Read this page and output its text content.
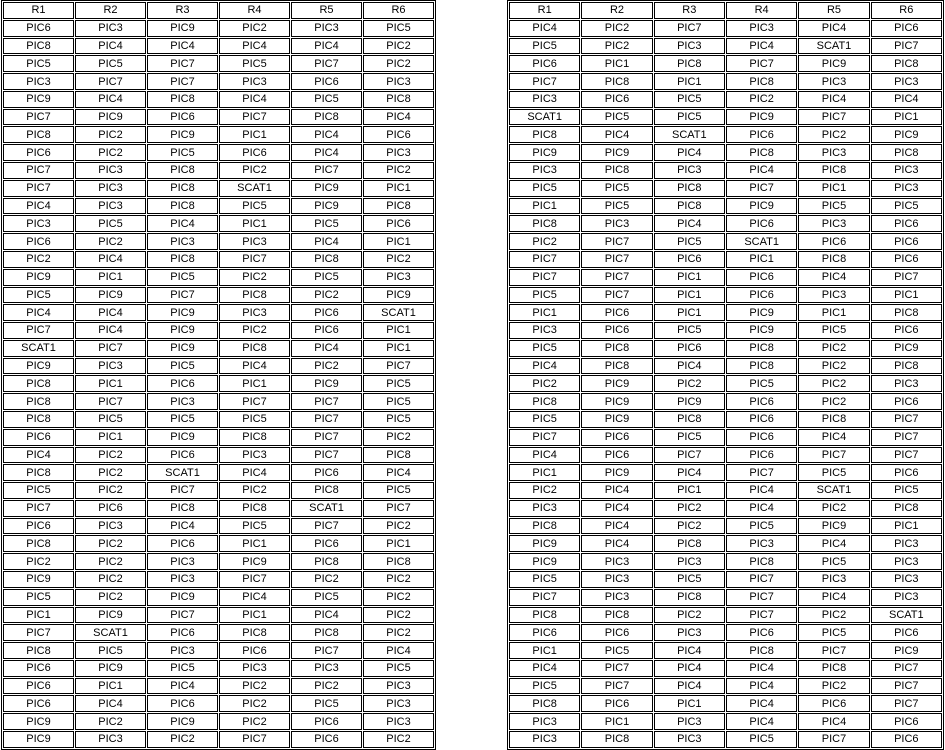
R1	R2	R3	R4	R5	R6
PIC6	PIC3	PIC9	PIC2	PIC3	PIC5
PIC8	PIC4	PIC4	PIC4	PIC4	PIC2
PIC5	PIC5	PIC7	PIC5	PIC7	PIC2
PIC3	PIC7	PIC7	PIC3	PIC6	PIC3
PIC9	PIC4	PIC8	PIC4	PIC5	PIC8
PIC7	PIC9	PIC6	PIC7	PIC8	PIC4
PIC8	PIC2	PIC9	PIC1	PIC4	PIC6
PIC6	PIC2	PIC5	PIC6	PIC4	PIC3
PIC7	PIC3	PIC8	PIC2	PIC7	PIC2
PIC7	PIC3	PIC8	SCAT1	PIC9	PIC1
PIC4	PIC3	PIC8	PIC5	PIC9	PIC8
PIC3	PIC5	PIC4	PIC1	PIC5	PIC6
PIC6	PIC2	PIC3	PIC3	PIC4	PIC1
PIC2	PIC4	PIC8	PIC7	PIC8	PIC2
PIC9	PIC1	PIC5	PIC2	PIC5	PIC3
PIC5	PIC9	PIC7	PIC8	PIC2	PIC9
PIC4	PIC4	PIC9	PIC3	PIC6	SCAT1
PIC7	PIC4	PIC9	PIC2	PIC6	PIC1
SCAT1	PIC7	PIC9	PIC8	PIC4	PIC1
PIC9	PIC3	PIC5	PIC4	PIC2	PIC7
PIC8	PIC1	PIC6	PIC1	PIC9	PIC5
PIC8	PIC7	PIC3	PIC7	PIC7	PIC5
PIC8	PIC5	PIC5	PIC5	PIC7	PIC5
PIC6	PIC1	PIC9	PIC8	PIC7	PIC2
PIC4	PIC2	PIC6	PIC3	PIC7	PIC8
PIC8	PIC2	SCAT1	PIC4	PIC6	PIC4
PIC5	PIC2	PIC7	PIC2	PIC8	PIC5
PIC7	PIC6	PIC8	PIC8	SCAT1	PIC7
PIC6	PIC3	PIC4	PIC5	PIC7	PIC2
PIC8	PIC2	PIC6	PIC1	PIC6	PIC1
PIC2	PIC2	PIC3	PIC9	PIC8	PIC8
PIC9	PIC2	PIC3	PIC7	PIC2	PIC2
PIC5	PIC2	PIC9	PIC4	PIC5	PIC2
PIC1	PIC9	PIC7	PIC1	PIC4	PIC2
PIC7	SCAT1	PIC6	PIC8	PIC8	PIC2
PIC8	PIC5	PIC3	PIC6	PIC7	PIC4
PIC6	PIC9	PIC5	PIC3	PIC3	PIC5
PIC6	PIC1	PIC4	PIC2	PIC2	PIC3
PIC6	PIC4	PIC6	PIC2	PIC5	PIC3
PIC9	PIC2	PIC9	PIC2	PIC6	PIC3
PIC9	PIC3	PIC2	PIC7	PIC6	PIC2
R1	R2	R3	R4	R5	R6
PIC4	PIC2	PIC7	PIC3	PIC4	PIC6
PIC5	PIC2	PIC3	PIC4	SCAT1	PIC7
PIC6	PIC1	PIC8	PIC7	PIC9	PIC8
PIC7	PIC8	PIC1	PIC8	PIC3	PIC3
PIC3	PIC6	PIC5	PIC2	PIC4	PIC4
SCAT1	PIC5	PIC5	PIC9	PIC7	PIC1
PIC8	PIC4	SCAT1	PIC6	PIC2	PIC9
PIC9	PIC9	PIC4	PIC8	PIC3	PIC8
PIC3	PIC8	PIC3	PIC4	PIC8	PIC3
PIC5	PIC5	PIC8	PIC7	PIC1	PIC3
PIC1	PIC5	PIC8	PIC9	PIC5	PIC5
PIC8	PIC3	PIC4	PIC6	PIC3	PIC6
PIC2	PIC7	PIC5	SCAT1	PIC6	PIC6
PIC7	PIC7	PIC6	PIC1	PIC8	PIC6
PIC7	PIC7	PIC1	PIC6	PIC4	PIC7
PIC5	PIC7	PIC1	PIC6	PIC3	PIC1
PIC1	PIC6	PIC1	PIC9	PIC1	PIC8
PIC3	PIC6	PIC5	PIC9	PIC5	PIC6
PIC5	PIC8	PIC6	PIC8	PIC2	PIC9
PIC4	PIC8	PIC4	PIC8	PIC2	PIC8
PIC2	PIC9	PIC2	PIC5	PIC2	PIC3
PIC8	PIC9	PIC9	PIC6	PIC2	PIC6
PIC5	PIC9	PIC8	PIC6	PIC8	PIC7
PIC7	PIC6	PIC5	PIC6	PIC4	PIC7
PIC4	PIC6	PIC7	PIC6	PIC7	PIC7
PIC1	PIC9	PIC4	PIC7	PIC5	PIC6
PIC2	PIC4	PIC1	PIC4	SCAT1	PIC5
PIC3	PIC4	PIC2	PIC4	PIC2	PIC8
PIC8	PIC4	PIC2	PIC5	PIC9	PIC1
PIC9	PIC4	PIC8	PIC3	PIC4	PIC3
PIC9	PIC3	PIC3	PIC8	PIC5	PIC3
PIC5	PIC3	PIC5	PIC7	PIC3	PIC3
PIC7	PIC3	PIC8	PIC7	PIC4	PIC3
PIC8	PIC8	PIC2	PIC7	PIC2	SCAT1
PIC6	PIC6	PIC3	PIC6	PIC5	PIC6
PIC1	PIC5	PIC4	PIC8	PIC7	PIC9
PIC4	PIC7	PIC4	PIC4	PIC8	PIC7
PIC5	PIC7	PIC4	PIC4	PIC2	PIC7
PIC8	PIC6	PIC1	PIC4	PIC6	PIC7
PIC3	PIC1	PIC3	PIC4	PIC4	PIC6
PIC3	PIC8	PIC3	PIC5	PIC7	PIC6
